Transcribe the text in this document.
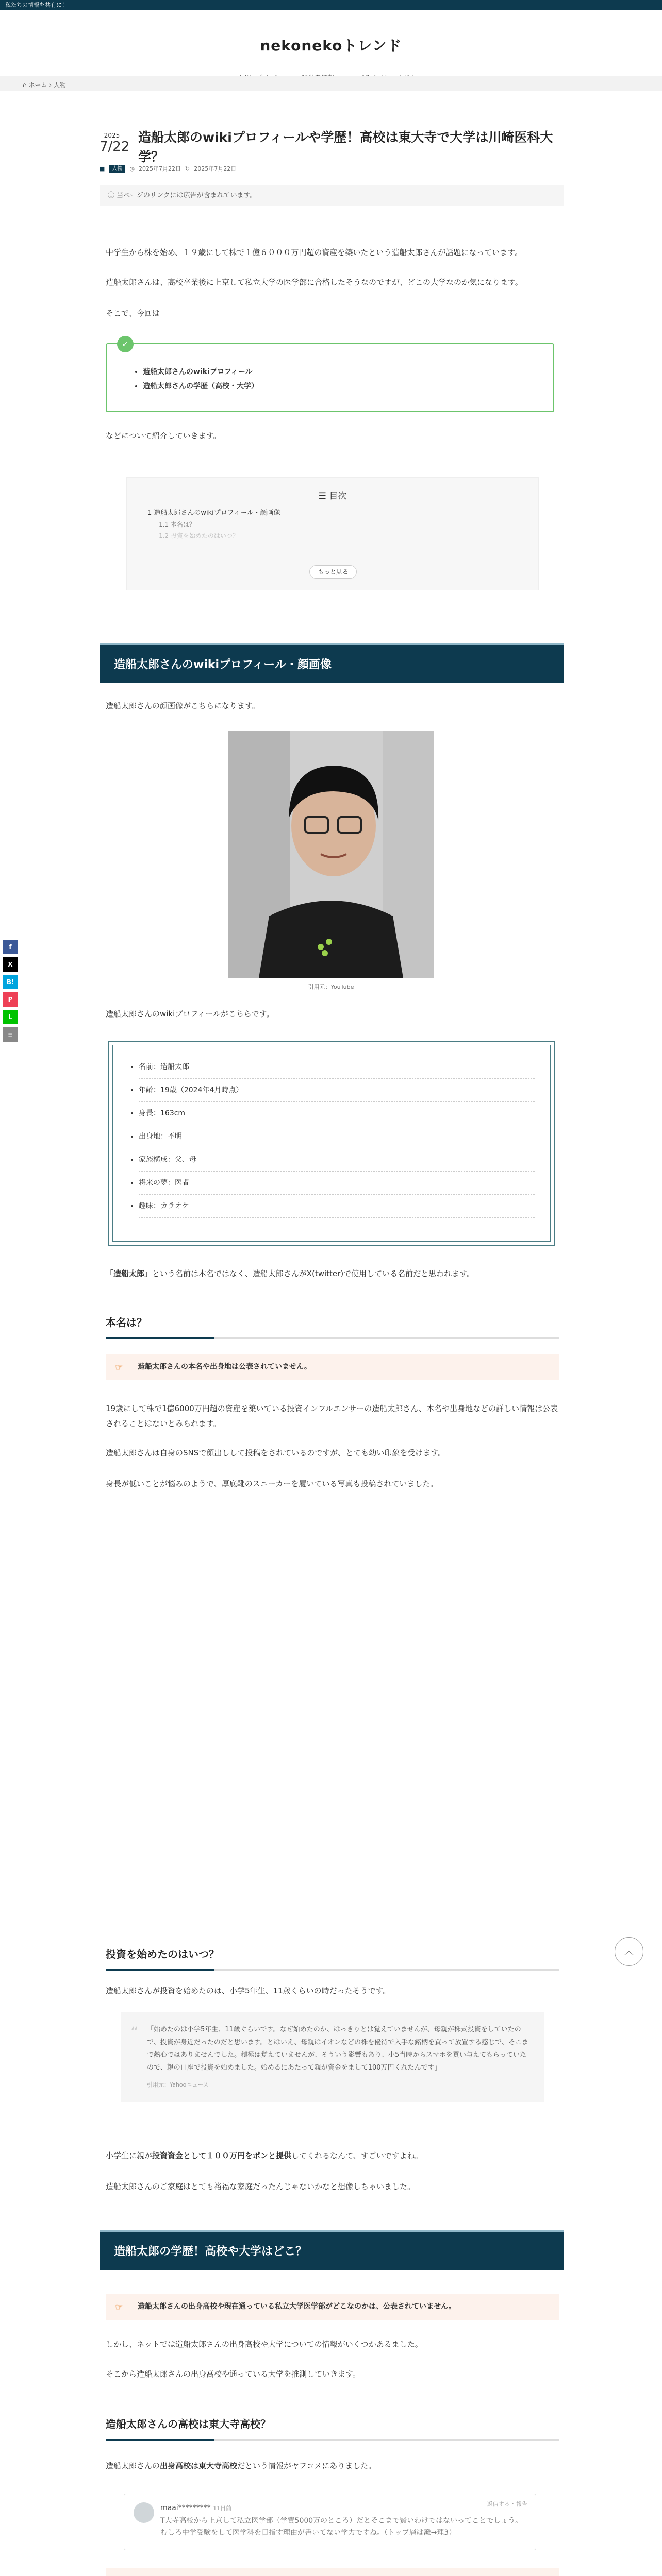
私たちの情報を共有に！
nekonekoトレンド
⌂ ホーム › 人物
2025
7/22
造船太郎のwikiプロフィールや学歴！高校は東大寺で大学は川崎医科大学？
■	人物	◷ 2025年7月22日 ↻ 2025年7月22日
ⓘ 当ページのリンクには広告が含まれています。

中学生から株を始め、１９歳にして株で１億６０００万円超の資産を築いたという造船太郎さんが話題になっています。

造船太郎さんは、高校卒業後に上京して私立大学の医学部に合格したそうなのですが、どこの大学なのか気になります。

そこで、今回は

✓
• 造船太郎さんのwikiプロフィール
• 造船太郎さんの学歴（高校・大学）

などについて紹介していきます。

☰ 目次
1 造船太郎さんのwikiプロフィール・顔画像
1.1 本名は？
1.2 投資を始めたのはいつ？
もっと見る
造船太郎さんのwikiプロフィール・顔画像

造船太郎さんの顔画像がこちらになります。

引用元：YouTube

造船太郎さんのwikiプロフィールがこちらです。

• 名前：造船太郎
• 年齢：19歳（2024年4月時点）
• 身長：163cm
• 出身地：不明
• 家族構成：父、母
• 将来の夢：医者
• 趣味：カラオケ

「造船太郎」という名前は本名ではなく、造船太郎さんがX(twitter)で使用している名前だと思われます。

本名は？
☞ 造船太郎さんの本名や出身地は公表されていません。

19歳にして株で1億6000万円超の資産を築いている投資インフルエンサーの造船太郎さん、本名や出身地などの詳しい情報は公表されることはないとみられます。

造船太郎さんは自身のSNSで顔出しして投稿をされているのですが、とても幼い印象を受けます。

身長が低いことが悩みのようで、厚底靴のスニーカーを履いている写真も投稿されていました。

投資を始めたのはいつ？

造船太郎さんが投資を始めたのは、小学5年生、11歳くらいの時だったそうです。

“ 「始めたのは小学5年生、11歳ぐらいです。なぜ始めたのか、はっきりとは覚えていませんが、母親が株式投資をしていたので、投資が身近だったのだと思います。とはいえ、母親はイオンなどの株を優待で入手な銘柄を買って放置する感じで、そこまで熱心ではありませんでした。積極は覚えていませんが、そういう影響もあり、小5当時からスマホを買い与えてもらっていたので、親の口座で投資を始めました。始めるにあたって親が資金をまして100万円くれたんです」
引用元：Yahooニュース

小学生に親が投資資金として１００万円をポンと提供してくれるなんて、すごいですよね。

造船太郎さんのご家庭はとても裕福な家庭だったんじゃないかなと想像しちゃいました。

造船太郎の学歴！高校や大学はどこ？
☞ 造船太郎さんの出身高校や現在通っている私立大学医学部がどこなのかは、公表されていません。

しかし、ネットでは造船太郎さんの出身高校や大学についての情報がいくつかあるました。

そこから造船太郎さんの出身高校や通っている大学を推測していきます。

造船太郎さんの高校は東大寺高校？

造船太郎さんの出身高校は東大寺高校だという情報がヤフコメにありました。

返信する ･ 報告
maai********* 11日前
T大寺高校から上京して私立医学部（学費5000万のところ）だとそこまで賢いわけではないってことでしょう。むしろ中学受験をして医学科を目指す理由が書いてない学力ですね。（トップ層は灘→理3）

f
X
B!
P
L
≡
︿
